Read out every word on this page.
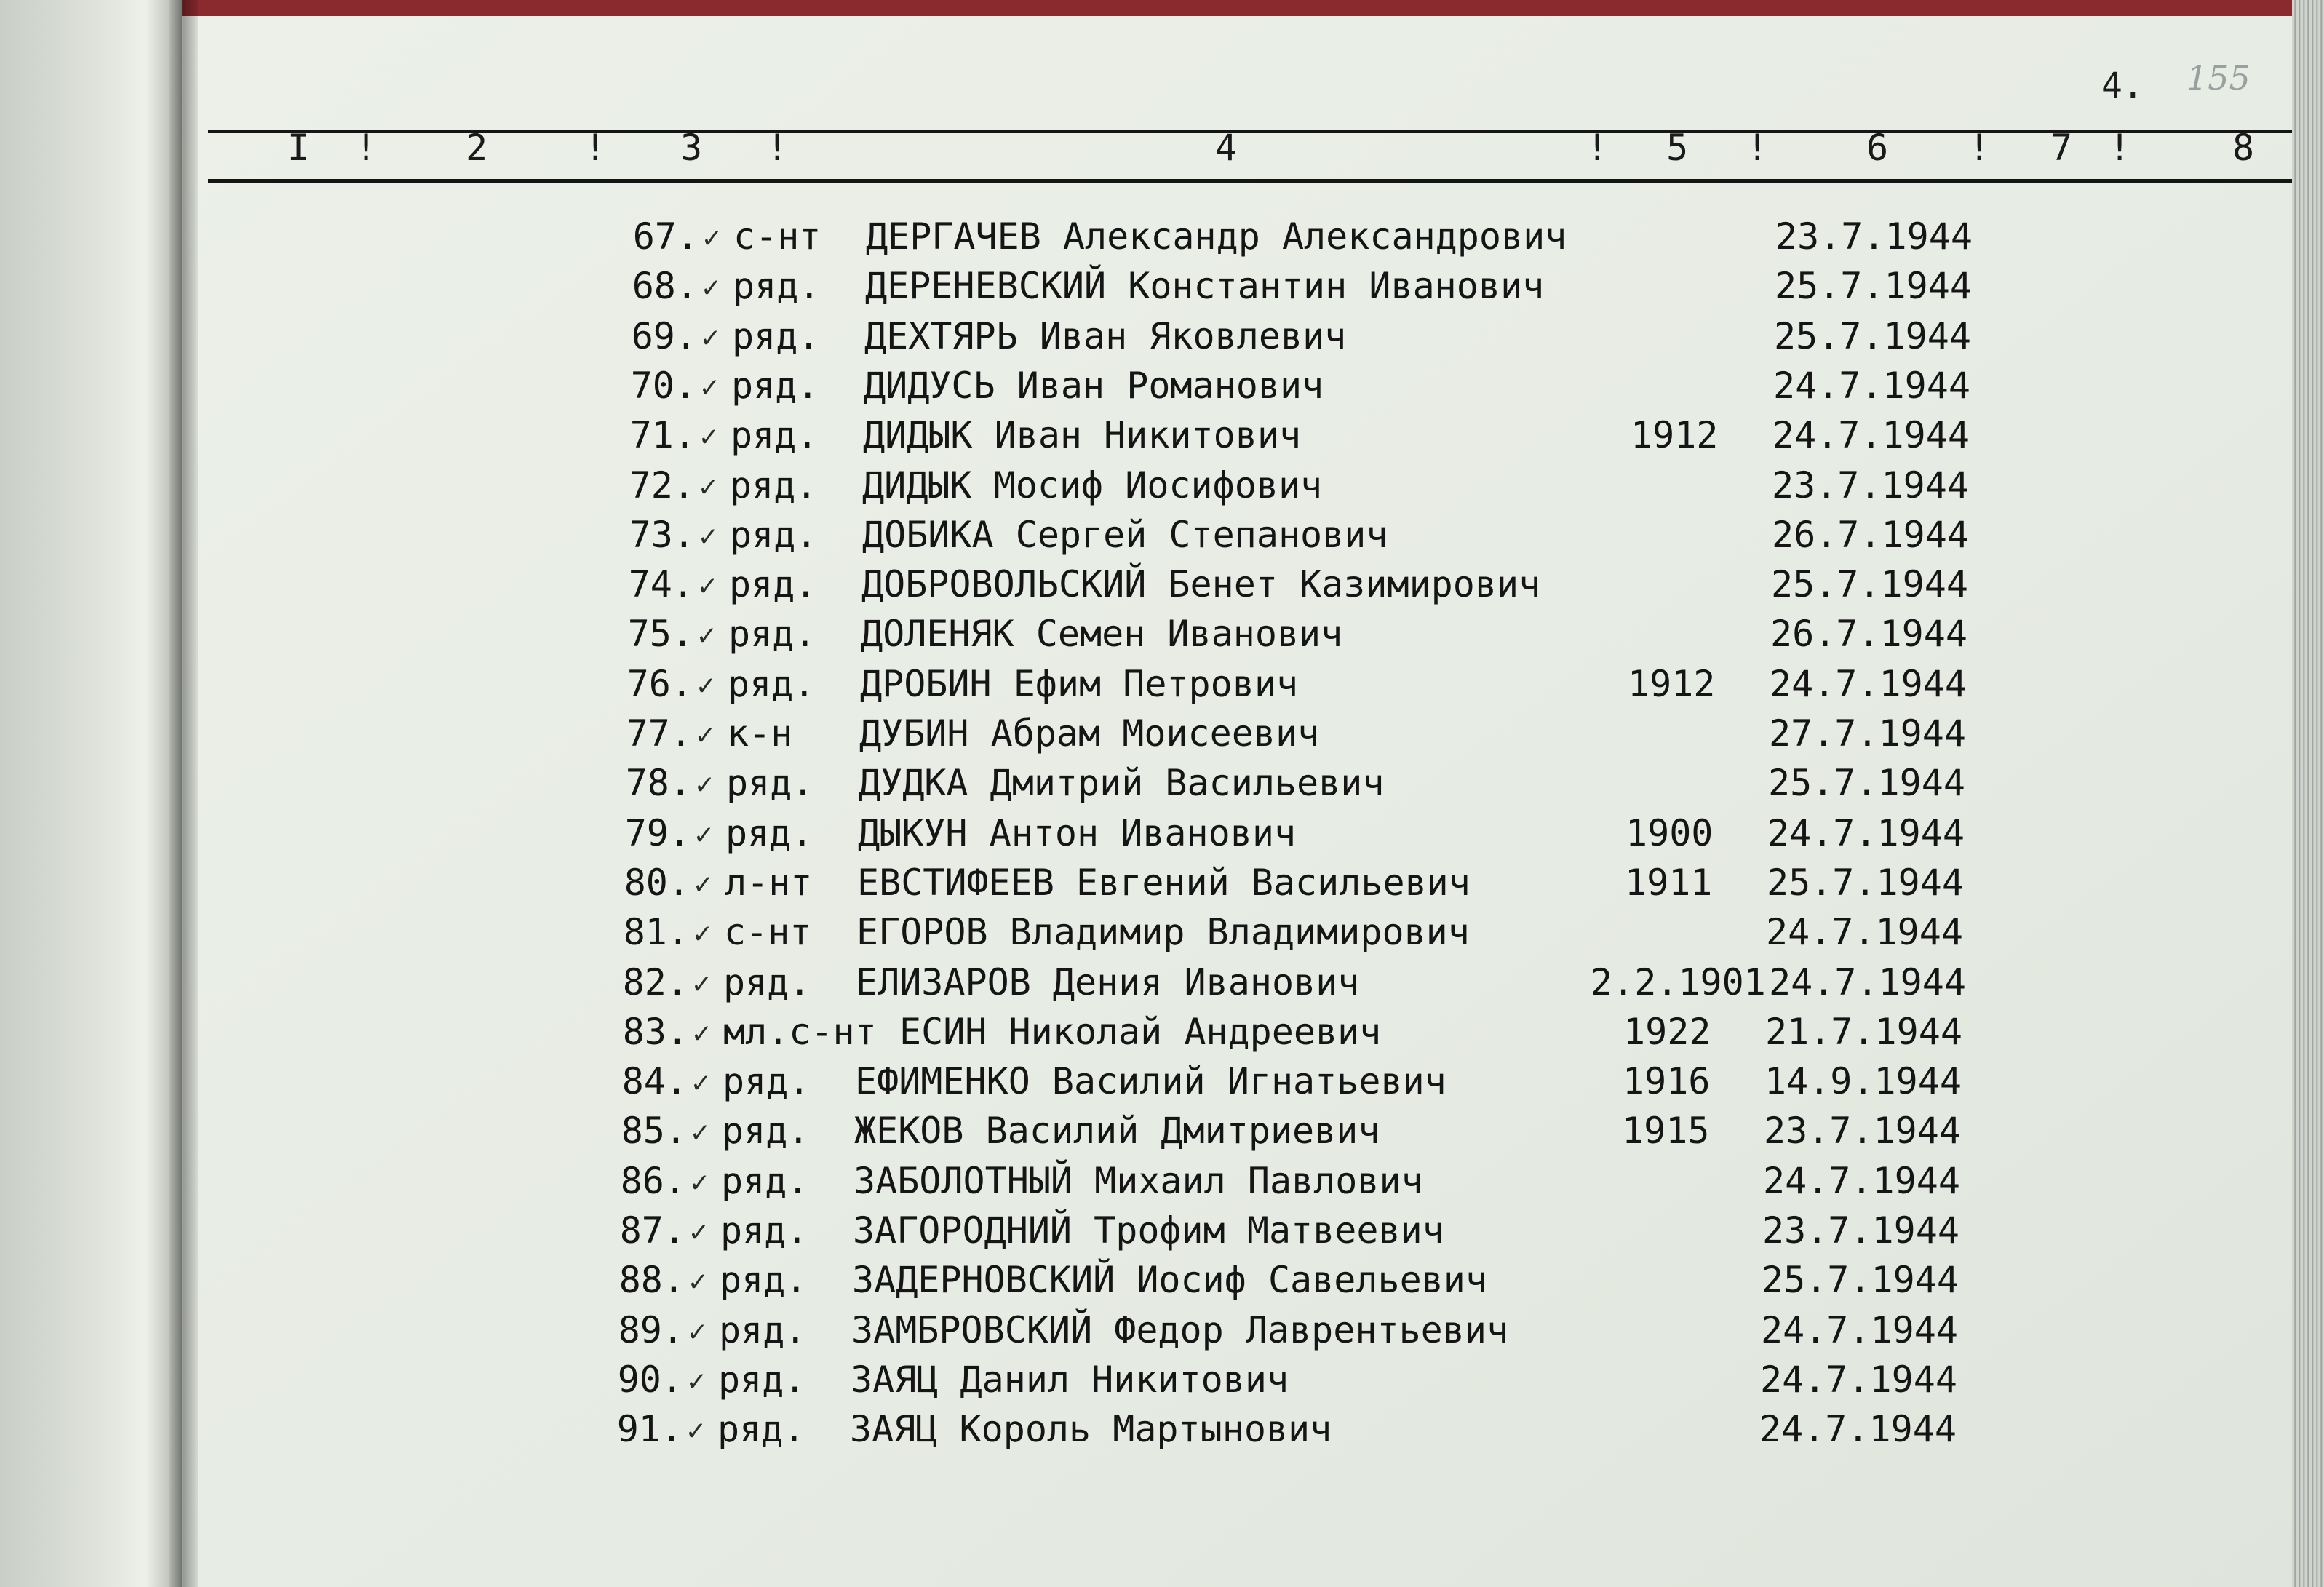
4. 155
I	2	3	4	5	6	7	8
!	!	!	!	!	!	!
67. ✓ с-нт ДЕРГАЧЕВ Александр Александрович	23.7.1944
68. ✓ ряд. ДЕРЕНЕВСКИЙ Константин Иванович	25.7.1944
69. ✓ ряд. ДЕХТЯРЬ Иван Яковлевич	25.7.1944
70. ✓ ряд. ДИДУСЬ Иван Романович	24.7.1944
71. ✓ ряд. ДИДЫК Иван Никитович	1912 24.7.1944
72. ✓ ряд. ДИДЫК Мосиф Иосифович	23.7.1944
73. ✓ ряд. ДОБИКА Сергей Степанович	26.7.1944
74. ✓ ряд. ДОБРОВОЛЬСКИЙ Бенет Казимирович	25.7.1944
75. ✓ ряд. ДОЛЕНЯК Семен Иванович	26.7.1944
76. ✓ ряд. ДРОБИН Ефим Петрович	1912 24.7.1944
77. ✓ к-н ДУБИН Абрам Моисеевич	27.7.1944
78. ✓ ряд. ДУДКА Дмитрий Васильевич	25.7.1944
79. ✓ ряд. ДЫКУН Антон Иванович	1900 24.7.1944
80. ✓ л-нт ЕВСТИФЕЕВ Евгений Васильевич	1911 25.7.1944
81. ✓ с-нт ЕГОРОВ Владимир Владимирович	24.7.1944
82. ✓ ряд. ЕЛИЗАРОВ Дения Иванович	2.2.1901 24.7.1944
83. ✓ мл.с-нт ЕСИН Николай Андреевич	1922 21.7.1944
84. ✓ ряд. ЕФИМЕНКО Василий Игнатьевич	1916 14.9.1944
85. ✓ ряд. ЖЕКОВ Василий Дмитриевич	1915 23.7.1944
86. ✓ ряд. ЗАБОЛОТНЫЙ Михаил Павлович	24.7.1944
87. ✓ ряд. ЗАГОРОДНИЙ Трофим Матвеевич	23.7.1944
88. ✓ ряд. ЗАДЕРНОВСКИЙ Иосиф Савельевич	25.7.1944
89. ✓ ряд. ЗАМБРОВСКИЙ Федор Лаврентьевич	24.7.1944
90. ✓ ряд. ЗАЯЦ Данил Никитович	24.7.1944
91. ✓ ряд. ЗАЯЦ Король Мартынович	24.7.1944
